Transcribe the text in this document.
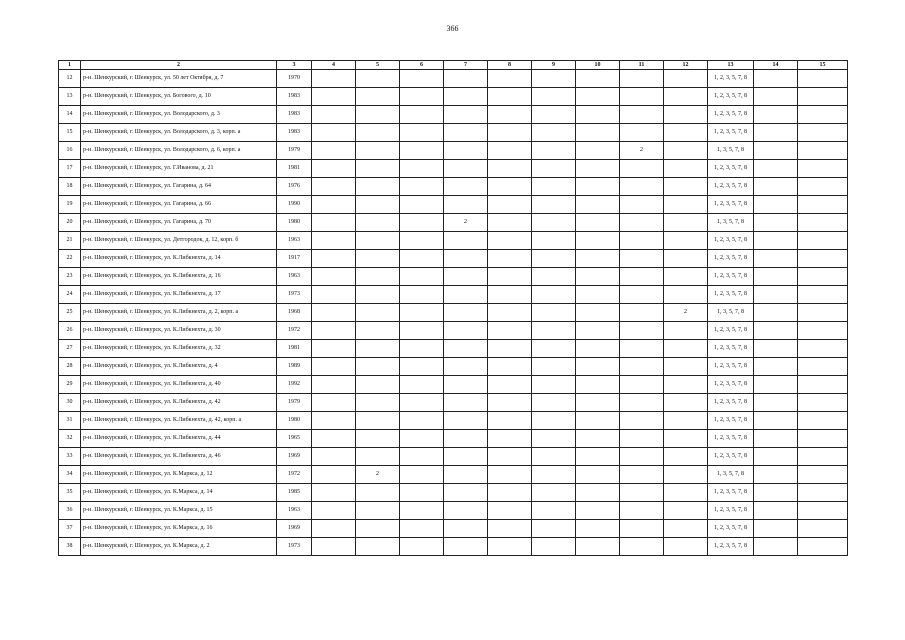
366
1	2	3	4	5	6	7	8	9	10	11	12	13	14	15
12	р-н. Шенкурский, г. Шенкурск, ул. 50 лет Октября, д. 7	1970										1, 2, 3, 5, 7, 8		
13	р-н. Шенкурский, г. Шенкурск, ул. Богового, д. 10	1983										1, 2, 3, 5, 7, 8		
14	р-н. Шенкурский, г. Шенкурск, ул. Володарского, д. 3	1983										1, 2, 3, 5, 7, 8		
15	р-н. Шенкурский, г. Шенкурск, ул. Володарского, д. 3, корп. а	1983										1, 2, 3, 5, 7, 8		
16	р-н. Шенкурский, г. Шенкурск, ул. Володарского, д. 6, корп. а	1979								2		1, 3, 5, 7, 8		
17	р-н. Шенкурский, г. Шенкурск, ул. Г.Иванова, д. 21	1981										1, 2, 3, 5, 7, 8		
18	р-н. Шенкурский, г. Шенкурск, ул. Гагарина, д. 64	1976										1, 2, 3, 5, 7, 8		
19	р-н. Шенкурский, г. Шенкурск, ул. Гагарина, д. 66	1990										1, 2, 3, 5, 7, 8		
20	р-н. Шенкурский, г. Шенкурск, ул. Гагарина, д. 70	1980				2						1, 3, 5, 7, 8		
21	р-н. Шенкурский, г. Шенкурск, ул. Детгородок, д. 12, корп. б	1963										1, 2, 3, 5, 7, 8		
22	р-н. Шенкурский, г. Шенкурск, ул. К.Либкнехта, д. 14	1917										1, 2, 3, 5, 7, 8		
23	р-н. Шенкурский, г. Шенкурск, ул. К.Либкнехта, д. 16	1963										1, 2, 3, 5, 7, 8		
24	р-н. Шенкурский, г. Шенкурск, ул. К.Либкнехта, д. 17	1973										1, 2, 3, 5, 7, 8		
25	р-н. Шенкурский, г. Шенкурск, ул. К.Либкнехта, д. 2, корп. а	1968									2	1, 3, 5, 7, 8		
26	р-н. Шенкурский, г. Шенкурск, ул. К.Либкнехта, д. 30	1972										1, 2, 3, 5, 7, 8		
27	р-н. Шенкурский, г. Шенкурск, ул. К.Либкнехта, д. 32	1981										1, 2, 3, 5, 7, 8		
28	р-н. Шенкурский, г. Шенкурск, ул. К.Либкнехта, д. 4	1989										1, 2, 3, 5, 7, 8		
29	р-н. Шенкурский, г. Шенкурск, ул. К.Либкнехта, д. 40	1992										1, 2, 3, 5, 7, 8		
30	р-н. Шенкурский, г. Шенкурск, ул. К.Либкнехта, д. 42	1979										1, 2, 3, 5, 7, 8		
31	р-н. Шенкурский, г. Шенкурск, ул. К.Либкнехта, д. 42, корп. а	1980										1, 2, 3, 5, 7, 8		
32	р-н. Шенкурский, г. Шенкурск, ул. К.Либкнехта, д. 44	1965										1, 2, 3, 5, 7, 8		
33	р-н. Шенкурский, г. Шенкурск, ул. К.Либкнехта, д. 46	1969										1, 2, 3, 5, 7, 8		
34	р-н. Шенкурский, г. Шенкурск, ул. К.Маркса, д. 12	1972		2								1, 3, 5, 7, 8		
35	р-н. Шенкурский, г. Шенкурск, ул. К.Маркса, д. 14	1985										1, 2, 3, 5, 7, 8		
36	р-н. Шенкурский, г. Шенкурск, ул. К.Маркса, д. 15	1963										1, 2, 3, 5, 7, 8		
37	р-н. Шенкурский, г. Шенкурск, ул. К.Маркса, д. 16	1969										1, 2, 3, 5, 7, 8		
38	р-н. Шенкурский, г. Шенкурск, ул. К.Маркса, д. 2	1973										1, 2, 3, 5, 7, 8		
